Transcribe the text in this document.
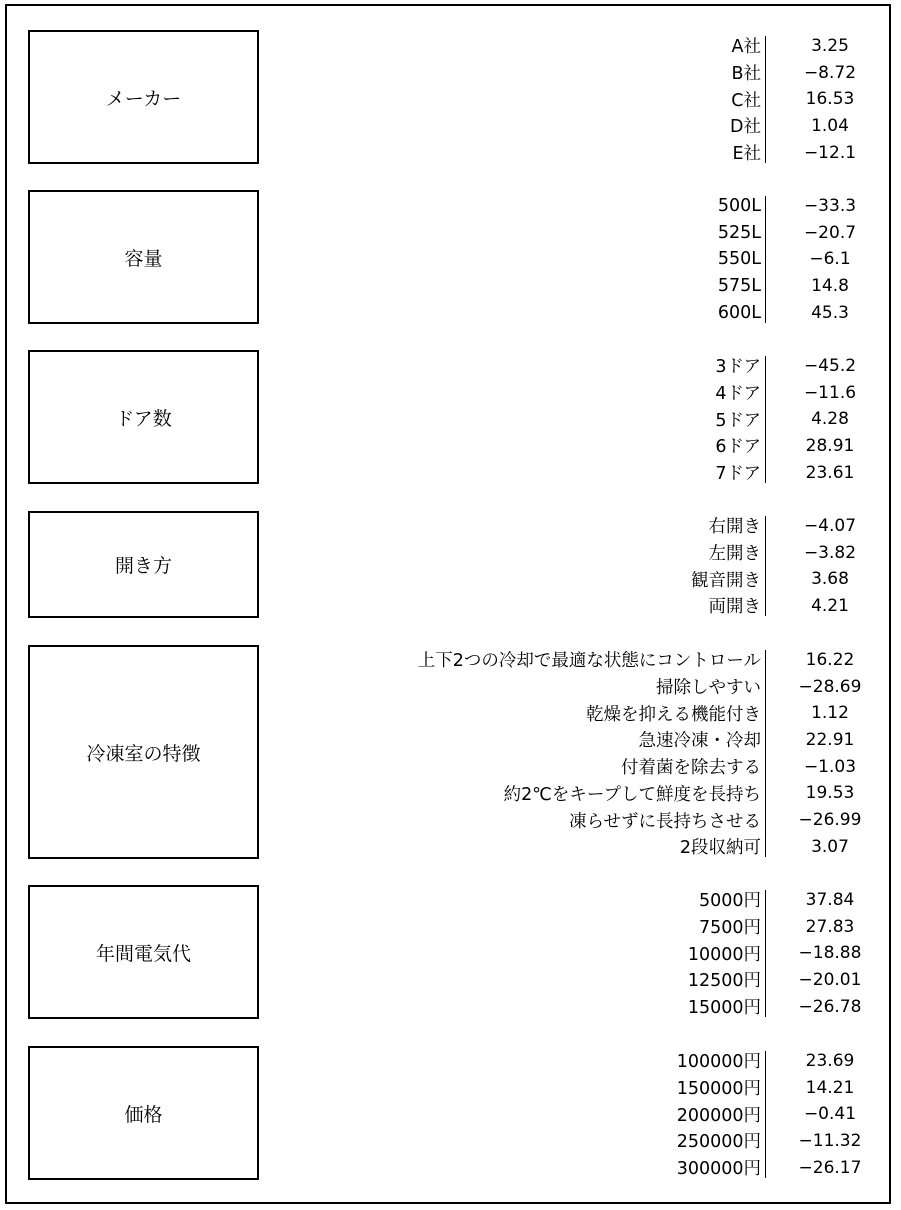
メーカー
A社	3.25
B社	−8.72
C社	16.53
D社	1.04
E社	−12.1
容量
500L	−33.3
525L	−20.7
550L	−6.1
575L	14.8
600L	45.3
ドア数
3ドア	−45.2
4ドア	−11.6
5ドア	4.28
6ドア	28.91
7ドア	23.61
開き方
右開き	−4.07
左開き	−3.82
観音開き	3.68
両開き	4.21
冷凍室の特徴
上下2つの冷却で最適な状態にコントロール	16.22
掃除しやすい	−28.69
乾燥を抑える機能付き	1.12
急速冷凍・冷却	22.91
付着菌を除去する	−1.03
約2℃をキープして鮮度を長持ち	19.53
凍らせずに長持ちさせる	−26.99
2段収納可	3.07
年間電気代
5000円	37.84
7500円	27.83
10000円	−18.88
12500円	−20.01
15000円	−26.78
価格
100000円	23.69
150000円	14.21
200000円	−0.41
250000円	−11.32
300000円	−26.17
